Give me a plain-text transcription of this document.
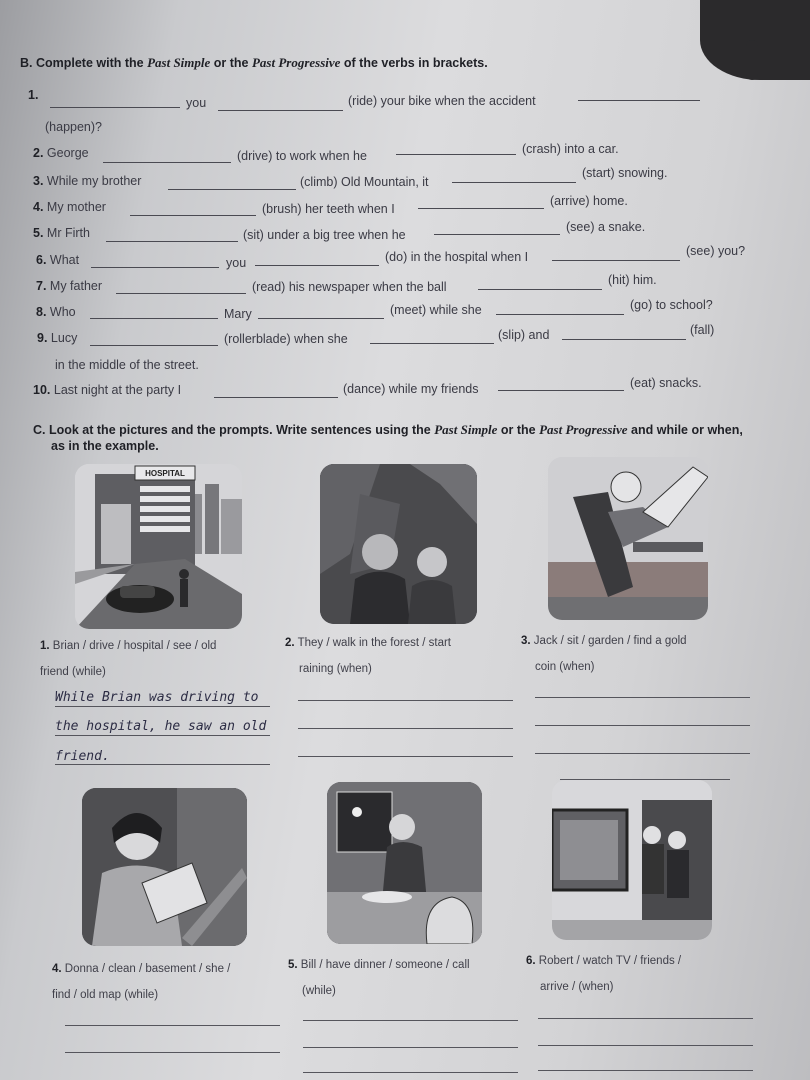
B. Complete with the Past Simple or the Past Progressive of the verbs in brackets.
1.
you	(ride) your bike when the accident
(happen)?
2. George	(drive) to work when he	(crash) into a car.
3. While my brother	(climb) Old Mountain, it
(start) snowing.
4. My mother	(brush) her teeth when I
(arrive) home.
5. Mr Firth	(sit) under a big tree when he
(see) a snake.
6. What	you	(do) in the hospital when I	(see) you?
7. My father	(read) his newspaper when the ball	(hit) him.
8. Who	Mary	(meet) while she	(go) to school?
9. Lucy	(rollerblade) when she	(slip) and	(fall)
in the middle of the street.
10. Last night at the party I	(dance) while my friends	(eat) snacks.
C. Look at the pictures and the prompts. Write sentences using the Past Simple or the Past Progressive and while or when,
as in the example.
HOSPITAL
1. Brian / drive / hospital / see / old
friend (while)
2. They / walk in the forest / start
raining (when)
3. Jack / sit / garden / find a gold
coin (when)
While Brian was driving to
the hospital, he saw an old
friend.
4. Donna / clean / basement / she /
find / old map (while)
5. Bill / have dinner / someone / call
(while)
6. Robert / watch TV / friends /
arrive / (when)
